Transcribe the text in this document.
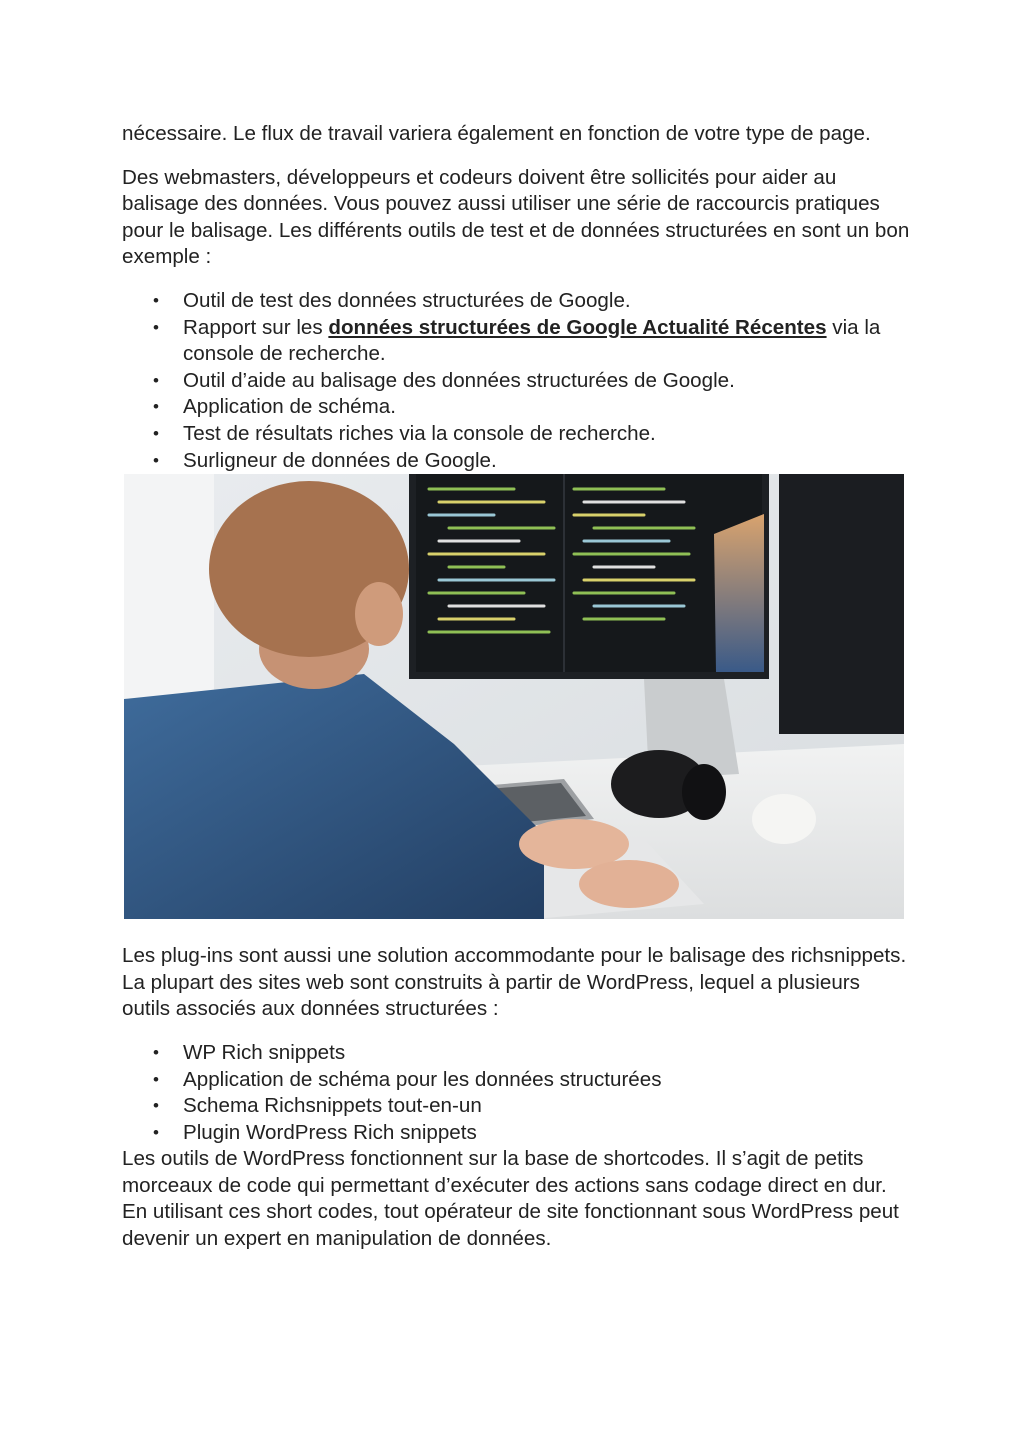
nécessaire. Le flux de travail variera également en fonction de votre type de page.

Des webmasters, développeurs et codeurs doivent être sollicités pour aider au balisage des données. Vous pouvez aussi utiliser une série de raccourcis pratiques pour le balisage. Les différents outils de test et de données structurées en sont un bon exemple :

• Outil de test des données structurées de Google.
• Rapport sur les données structurées de Google Actualité Récentes via la console de recherche.
• Outil d’aide au balisage des données structurées de Google.
• Application de schéma.
• Test de résultats riches via la console de recherche.
• Surligneur de données de Google.

Les plug-ins sont aussi une solution accommodante pour le balisage des richsnippets. La plupart des sites web sont construits à partir de WordPress, lequel a plusieurs outils associés aux données structurées :

• WP Rich snippets
• Application de schéma pour les données structurées
• Schema Richsnippets tout-en-un
• Plugin WordPress Rich snippets

Les outils de WordPress fonctionnent sur la base de shortcodes. Il s’agit de petits morceaux de code qui permettant d’exécuter des actions sans codage direct en dur. En utilisant ces short codes, tout opérateur de site fonctionnant sous WordPress peut devenir un expert en manipulation de données.
